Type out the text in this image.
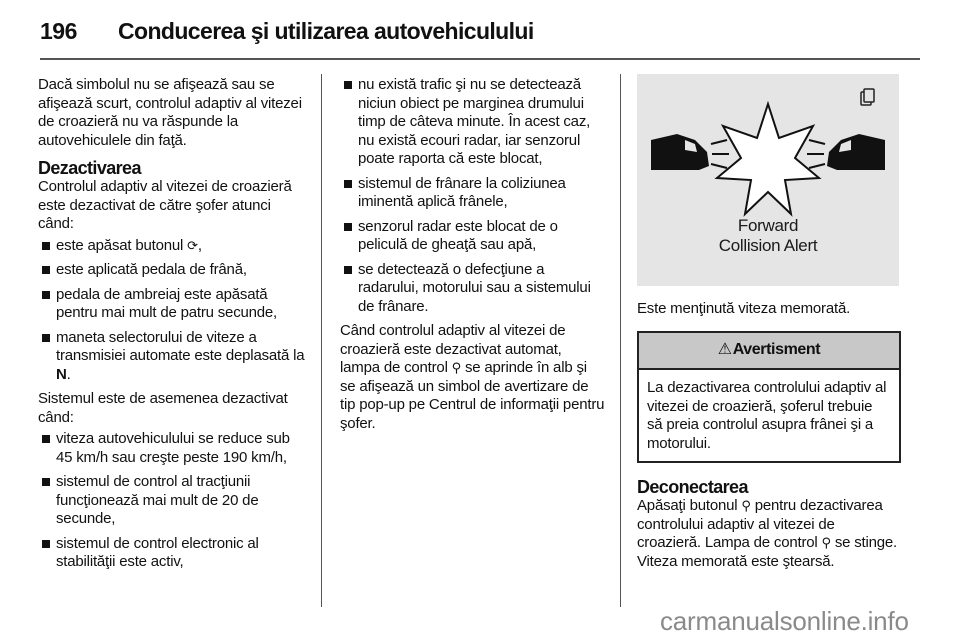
196 Conducerea şi utilizarea autovehiculului

Dacă simbolul nu se afişează sau se afişează scurt, controlul adaptiv al vitezei de croazieră nu va răspunde la autovehiculele din faţă.

Dezactivarea

Controlul adaptiv al vitezei de croazieră este dezactivat de către şofer atunci când:

este apăsat butonul ⟳,
este aplicată pedala de frână,
pedala de ambreiaj este apăsată pentru mai mult de patru secunde,
maneta selectorului de viteze a transmisiei automate este deplasată la N.

Sistemul este de asemenea dezactivat când:

viteza autovehiculului se reduce sub 45 km/h sau creşte peste 190 km/h,
sistemul de control al tracţiunii funcţionează mai mult de 20 de secunde,
sistemul de control electronic al stabilităţii este activ,
nu există trafic şi nu se detectează niciun obiect pe marginea drumului timp de câteva minute. În acest caz, nu există ecouri radar, iar senzorul poate raporta că este blocat,
sistemul de frânare la coliziunea iminentă aplică frânele,
senzorul radar este blocat de o peliculă de gheaţă sau apă,
se detectează o defecţiune a radarului, motorului sau a sistemului de frânare.

Când controlul adaptiv al vitezei de croazieră este dezactivat automat, lampa de control ⚲ se aprinde în alb şi se afişează un simbol de avertizare de tip pop-up pe Centrul de informaţii pentru şofer.

Forward
Collision Alert

Este menţinută viteza memorată.

⚠Avertisment
La dezactivarea controlului adaptiv al vitezei de croazieră, şoferul trebuie să preia controlul asupra frânei şi a motorului.

Deconectarea

Apăsaţi butonul ⚲ pentru dezactivarea controlului adaptiv al vitezei de croazieră. Lampa de control ⚲ se stinge. Viteza memorată este ştearsă.

carmanualsonline.info
